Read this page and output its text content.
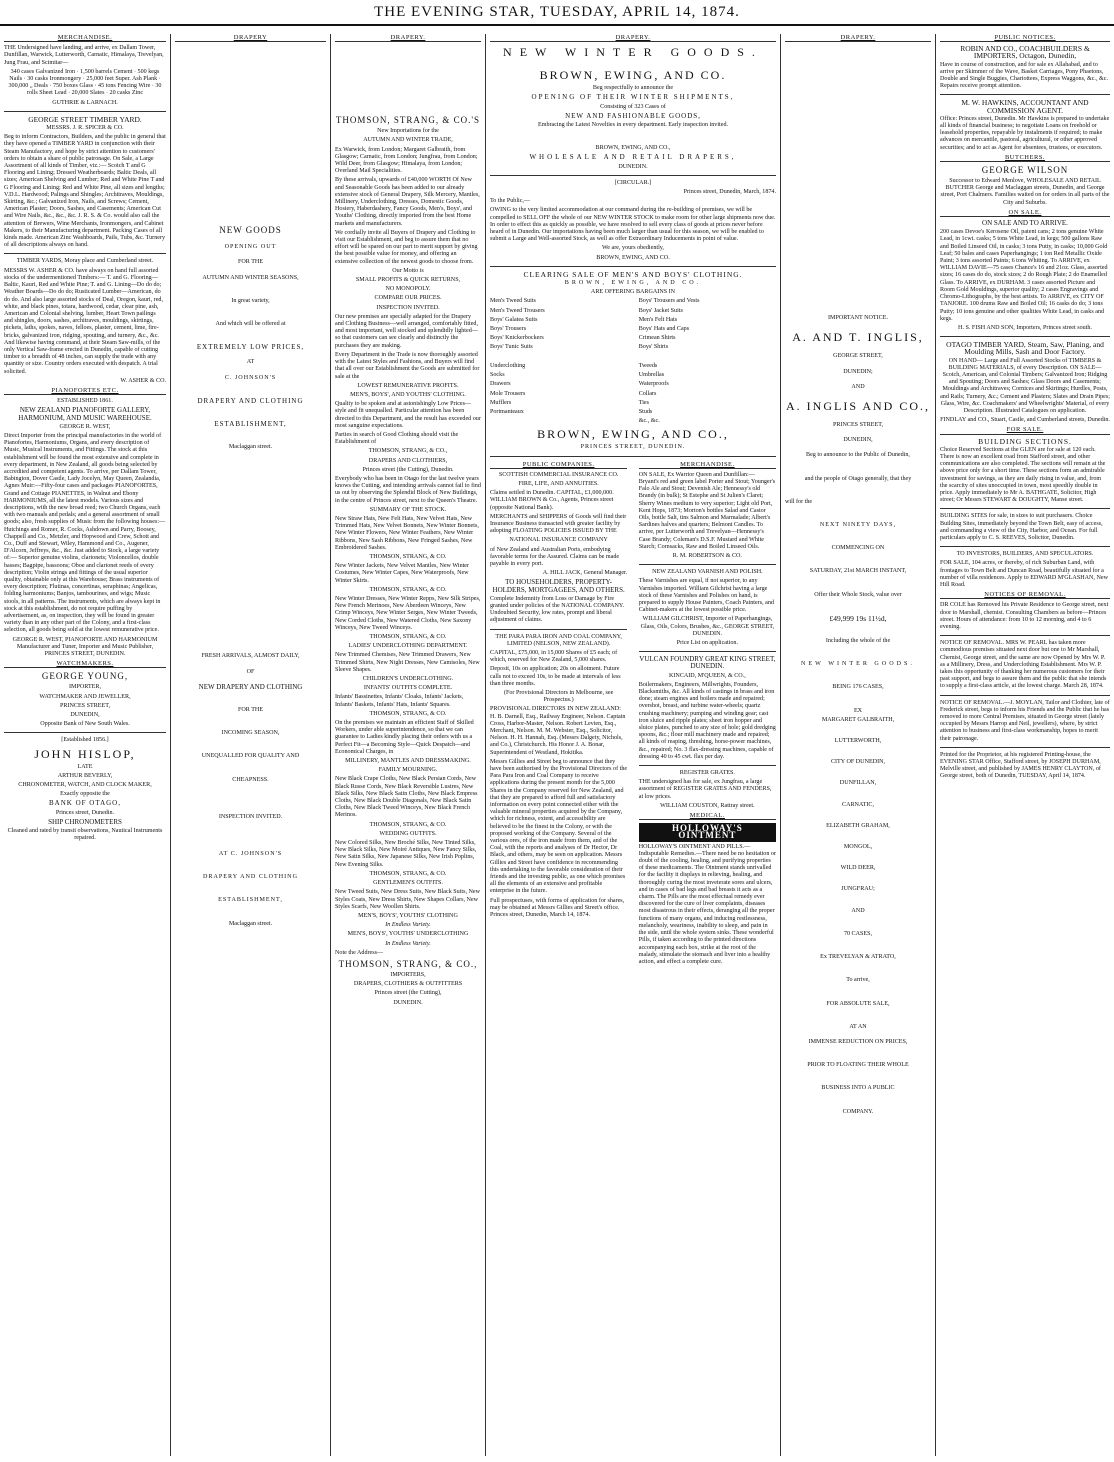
THE EVENING STAR, TUESDAY, APRIL 14, 1874.
MERCHANDISE.

THE Undersigned have landing, and arrive, ex Dallam Tower, Dunfillan, Warwick, Lutterworth, Carnatic, Himalaya, Trevelyan, Jung Frau, and Scimitar—

340 cases Galvanized Iron · 1,500 barrels Cement · 500 kegs Nails · 30 casks Ironmongery · 25,000 feet Super. Ash Plank · 300,000 „ Deals · 750 boxes Glass · 45 tons Fencing Wire · 30 rolls Sheet Lead · 20,000 Slates · 20 casks Zinc

GUTHRIE & LARNACH.

GEORGE STREET TIMBER YARD.

MESSRS. J. R. SPICER & CO.

Beg to inform Contractors, Builders, and the public in general that they have opened a TIMBER YARD in conjunction with their Steam Manufactory, and hope by strict attention to customers' orders to obtain a share of public patronage. On Sale, a Large Assortment of all kinds of Timber, viz.:— Scotch T and G Flooring and Lining; Dressed Weatherboards; Baltic Deals, all sizes; American Shelving and Lumber; Red and White Pine T and G Flooring and Lining; Red and White Pine, all sizes and lengths; V.D.L. Hardwood; Palings and Shingles; Architraves, Mouldings, Skirting, &c.; Galvanized Iron, Nails, and Screws; Cement, American Plaster; Doors, Sashes, and Casements; American Cut and Wire Nails, &c., &c., &c. J. R. S. & Co. would also call the attention of Brewers, Wine Merchants, Ironmongers, and Cabinet Makers, to their Manufacturing department. Packing Cases of all kinds made. American Zinc Washboards, Pails, Tubs, &c. Turnery of all descriptions always on hand.

TIMBER YARDS, Moray place and Cumberland street.

MESSRS W. ASHER & CO. have always on hand full assorted stocks of the undermentioned Timbers:— T. and G. Flooring—Baltic, Kauri, Red and White Pine; T. and G. Lining—Do do do; Weather Boards—Do do do; Rusticated Lumber—American, do do do. And also large assorted stocks of Deal, Oregon, kauri, red, white, and black pines, totara, hardwood, cedar, clear pine, ash, American and Colonial shelving, lumber, Heart Town pailings and shingles, doors, sashes, architraves, mouldings, skirtings, pickets, laths, spokes, naves, felloes, plaster, cement, lime, fire-bricks, galvanized iron, ridging, spouting, and turnery, &c., &c. And likewise having command, at their Steam Saw-mills, of the only Vertical Saw-frame erected in Dunedin, capable of cutting timber to a breadth of 48 inches, can supply the trade with any quantity or size. Country orders executed with despatch. A trial solicited.

W. ASHER & CO.

PIANOFORTES ETC.

ESTABLISHED 1861.

NEW ZEALAND PIANOFORTE GALLERY, HARMONIUM, AND MUSIC WAREHOUSE.

GEORGE R. WEST,

Direct Importer from the principal manufactories in the world of Pianofortes, Harmoniums, Organs, and every description of Music, Musical Instruments, and Fittings. The stock at this establishment will be found the most extensive and complete in every department, in New Zealand, all goods being selected by accredited and competent agents. To arrive, per Dallam Tower, Babington, Dover Castle, Lady Jocelyn, May Queen, Zealandia, Agnes Muir:—Fifty-four cases and packages PIANOFORTES, Grand and Cottage PIANETTES, in Walnut and Ebony HARMONIUMS, all the latest models. Various sizes and descriptions, with the new broad reed; two Church Organs, each with two manuals and pedals; and a general assortment of small goods; also, fresh supplies of Music from the following houses:—Hutchings and Romer, R. Cocks, Ashdown and Parry, Boosey, Chappell and Co., Metzler, and Hopwood and Crew, Schott and Co., Duff and Stewart, Wiley, Hammond and Co., Augener, D'Alcorn, Jeffreys, &c., &c. Just added to Stock, a large variety of:— Superior genuine violins, clarionets; Violoncellos, double basses; Bagpipe, bassoons; Oboe and clarionet reeds of every description; Violin strings and fittings of the usual superior quality, obtainable only at this Warehouse; Brass instruments of every description; Flutinas, concertinas, seraphinas; Angelicas, folding harmoniums; Banjos, tambourines, and wigs; Music stools, in all patterns. The instruments, which are always kept in stock at this establishment, do not require puffing by advertisement, as, on inspection, they will be found in greater variety than in any other part of the Colony, and a first-class selection, all goods being sold at the lowest remunerative price.

GEORGE R. WEST, PIANOFORTE AND HARMONIUM Manufacturer and Tuner, Importer and Music Publisher, PRINCES STREET, DUNEDIN.

WATCHMAKERS.

GEORGE YOUNG,

IMPORTER,

WATCHMAKER AND JEWELLER,

PRINCES STREET,

DUNEDIN,

Opposite Bank of New South Wales.

[Established 1856.]

JOHN HISLOP,

LATE

ARTHUR BEVERLY,

CHRONOMETER, WATCH, AND CLOCK MAKER,

Exactly opposite the

BANK OF OTAGO,

Princes street, Dunedin.

SHIP CHRONOMETERS

Cleaned and rated by transit observations, Nautical Instruments repaired.

DRAPERY

NEW GOODS

OPENING OUT

FOR THE

AUTUMN AND WINTER SEASONS,

In great variety,

And which will be offered at

EXTREMELY LOW PRICES,

AT

C. JOHNSON'S

DRAPERY AND CLOTHING

ESTABLISHMENT,

Maclaggan street.

FRESH ARRIVALS, ALMOST DAILY,

OF

NEW DRAPERY AND CLOTHING

FOR THE

INCOMING SEASON,

UNEQUALLED FOR QUALITY AND

CHEAPNESS.

INSPECTION INVITED.

AT C. JOHNSON'S

DRAPERY AND CLOTHING

ESTABLISHMENT,

Maclaggan street.

DRAPERY.

THOMSON, STRANG, & CO.'S

New Importations for the

AUTUMN AND WINTER TRADE,

Ex Warwick, from London; Margaret Galbraith, from Glasgow; Carnatic, from London; Jungfrau, from London; Wild Deer, from Glasgow; Himalaya, from London; Overland Mail Specialities.

By these arrivals, upwards of £40,000 WORTH Of New and Seasonable Goods has been added to our already extensive stock of General Drapery, Silk Mercery, Mantles, Millinery, Underclothing, Dresses, Domestic Goods, Hosiery, Haberdashery, Fancy Goods, Men's, Boys', and Youths' Clothing, directly imported from the best Home markets and manufacturers.

We cordially invite all Buyers of Drapery and Clothing to visit our Establishment, and beg to assure them that no effort will be spared on our part to merit support by giving the best possible value for money, and offering an extensive collection of the newest goods to choose from.

Our Motto is

SMALL PROFITS & QUICK RETURNS,

NO MONOPOLY.

COMPARE OUR PRICES.

INSPECTION INVITED.

Our new premises are specially adapted for the Drapery and Clothing Business—well arranged, comfortably fitted, and most important, well stocked and splendidly lighted—so that customers can see clearly and distinctly the purchases they are making.

Every Department in the Trade is now thoroughly assorted with the Latest Styles and Fashions, and Buyers will find that all over our Establishment the Goods are submitted for sale at the

LOWEST REMUNERATIVE PROFITS.

MEN'S, BOYS', AND YOUTHS' CLOTHING.

Quality to be spoken and at astonishingly Low Prices—style and fit unequalled. Particular attention has been directed to this Department, and the result has exceeded our most sanguine expectations.

Parties in search of Good Clothing should visit the Establishment of

THOMSON, STRANG, & CO.,

DRAPERS AND CLOTHIERS,

Princes street (the Cutting), Dunedin.

Everybody who has been in Otago for the last twelve years knows the Cutting, and intending arrivals cannot fail to find us out by observing the Splendid Block of New Buildings, in the centre of Princes street, next to the Queen's Theatre.

SUMMARY OF THE STOCK.

New Straw Hats, New Felt Hats, New Velvet Hats, New Trimmed Hats, New Velvet Bonnets, New Winter Bonnets, New Winter Flowers, New Winter Feathers, New Winter Ribbons, New Sash Ribbons, New Fringed Sashes, New Embroidered Sashes.

THOMSON, STRANG, & CO.

New Winter Jackets, New Velvet Mantles, New Winter Costumes, New Winter Capes, New Waterproofs, New Winter Skirts.

THOMSON, STRANG, & CO.

New Winter Dresses, New Winter Repps, New Silk Stripes, New French Merinoes, New Aberdeen Winceys, New Crimp Winceys, New Winter Serges, New Winter Tweeds, New Corded Cloths, New Watered Cloths, New Saxony Winceys, New Tweed Winceys.

THOMSON, STRANG, & CO.

LADIES' UNDERCLOTHING DEPARTMENT.

New Trimmed Chemises, New Trimmed Drawers, New Trimmed Shirts, New Night Dresses, New Camisoles, New Sleeve Shapes.

CHILDREN'S UNDERCLOTHING.

INFANTS' OUTFITS COMPLETE.

Infants' Bassinettes, Infants' Cloaks, Infants' Jackets, Infants' Baskets, Infants' Hats, Infants' Squares.

THOMSON, STRANG, & CO.

On the premises we maintain an efficient Staff of Skilled Workers, under able superintendence, so that we can guarantee to Ladies kindly placing their orders with us a Perfect Fit—a Becoming Style—Quick Despatch—and Economical Charges, in

MILLINERY, MANTLES AND DRESSMAKING.

FAMILY MOURNING.

New Black Crape Cloths, New Black Persian Cords, New Black Russe Cords, New Black Reversible Lustres, New Black Silks, New Black Satin Cloths, New Black Empress Cloths, New Black Double Diagonals, New Black Satin Cloths, New Black Tweed Winceys, New Black French Merinos.

THOMSON, STRANG, & CO.

WEDDING OUTFITS.

New Colored Silks, New Broché Silks, New Tinted Silks, New Black Silks, New Moiré Antiques, New Fancy Silks, New Satin Silks, New Japanese Silks, New Irish Poplins, New Evening Silks.

THOMSON, STRANG, & CO.

GENTLEMEN'S OUTFITS.

New Tweed Suits, New Dress Suits, New Black Suits, New Styles Coats, New Dress Shirts, New Shapes Collars, New Styles Scarfs, New Woollen Shirts.

MEN'S, BOYS', YOUTHS' CLOTHING

In Endless Variety.

MEN'S, BOYS', YOUTHS' UNDERCLOTHING

In Endless Variety.

Note the Address—

THOMSON, STRANG, & CO.,

IMPORTERS,

DRAPERS, CLOTHIERS & OUTFITTERS

Princes street (the Cutting),

DUNEDIN.

DRAPERY.

NEW WINTER GOODS.

BROWN, EWING, AND CO.

Beg respectfully to announce the

OPENING OF THEIR WINTER SHIPMENTS,

Consisting of 323 Cases of

NEW AND FASHIONABLE GOODS,

Embracing the Latest Novelties in every department. Early inspection invited.

BROWN, EWING, AND CO.,

WHOLESALE AND RETAIL DRAPERS,

DUNEDIN.

[CIRCULAR.]

Princes street, Dunedin, March, 1874.

To the Public,—

OWING to the very limited accommodation at our command during the re-building of premises, we will be compelled to SELL OFF the whole of our NEW WINTER STOCK to make room for other large shipments now due. In order to effect this as quickly as possible, we have resolved to sell every class of goods at prices never before heard of in Dunedin. Our importations having been much larger than usual for this season, we will be enabled to submit a Large and Well-assorted Stock, as well as offer Extraordinary Inducements in point of value.

We are, yours obediently,

BROWN, EWING, AND CO.

CLEARING SALE OF MEN'S AND BOYS' CLOTHING.

BROWN, EWING, AND CO.

ARE OFFERING BARGAINS IN

Men's Tweed Suits

Men's Tweed Trousers

Boys' Galatea Suits

Boys' Trousers

Boys' Knickerbockers

Boys' Tunic Suits

Underclothing

Socks

Drawers

Mole Trousers

Mufflers

Portmanteaux

Boys' Trousers and Vests

Boys' Jacket Suits

Men's Felt Hats

Boys' Hats and Caps

Crimean Shirts

Boys' Shirts

Tweeds

Umbrellas

Waterproofs

Collars

Ties

Studs

&c., &c.

BROWN, EWING, AND CO.,

PRINCES STREET, DUNEDIN.

PUBLIC COMPANIES.

SCOTTISH COMMERCIAL INSURANCE CO.

FIRE, LIFE, AND ANNUITIES.

Claims settled in Dunedin. CAPITAL, £1,000,000. WILLIAM BROWN & Co., Agents, Princes street (opposite National Bank).

MERCHANTS and SHIPPERS of Goods will find their Insurance Business transacted with greater facility by adopting FLOATING POLICIES ISSUED BY THE

NATIONAL INSURANCE COMPANY

of New Zealand and Australian Ports, embodying favorable terms for the Assured. Claims can be made payable in every port.

A. HILL JACK, General Manager.

TO HOUSEHOLDERS, PROPERTY-HOLDERS, MORTGAGEES, AND OTHERS.

Complete Indemnity from Loss or Damage by Fire granted under policies of the NATIONAL COMPANY. Undoubted Security, low rates, prompt and liberal adjustment of claims.

THE PARA PARA IRON AND COAL COMPANY, LIMITED (NELSON, NEW ZEALAND).

CAPITAL, £75,000, in 15,000 Shares of £5 each; of which, reserved for New Zealand, 5,000 shares.

Deposit, 10s on application; 20s on allotment. Future calls not to exceed 10s, to be made at intervals of less than three months.

(For Provisional Directors in Melbourne, see Prospectus.)

PROVISIONAL DIRECTORS IN NEW ZEALAND: H. B. Darnell, Esq., Railway Engineer, Nelson. Captain Cross, Harbor-Master, Nelson. Robert Levien, Esq., Merchant, Nelson. M. M. Webster, Esq., Solicitor, Nelson. H. H. Hannah, Esq. (Messrs Dalgety, Nichols, and Co.), Christchurch. His Honor J. A. Bonar, Superintendent of Westland, Hokitika.

Messrs Gillies and Street beg to announce that they have been authorised by the Provisional Directors of the Para Para Iron and Coal Company to receive applications during the present month for the 5,000 Shares in the Company reserved for New Zealand, and that they are prepared to afford full and satisfactory information on every point connected either with the valuable mineral properties acquired by the Company, which for richness, extent, and accessibility are believed to be the finest in the Colony, or with the proposed working of the Company. Several of the various ores, of the iron made from them, and of the Coal, with the reports and analyses of Dr Hector, Dr Black, and others, may be seen on application. Messrs Gillies and Street have confidence in recommending this undertaking to the favorable consideration of their friends and the investing public, as one which promises all the elements of an extensive and profitable enterprise in the future.

Full prospectuses, with forms of application for shares, may be obtained at Messrs Gillies and Street's office. Princes street, Dunedin, March 14, 1874.

MERCHANDISE.

ON SALE, Ex Warrior Queen and Dunfillan:— Bryant's red and green label Porter and Stout; Younger's Falo Ale and Stout; Devenish Ale; Hennessy's old Brandy (in bulk); St Estephe and St Julien's Claret; Sherry Wines medium to very superior; Light old Port, Kent Hops, 1873; Morton's bottles Salad and Castor Oils, bottle Salt, tins Salmon and Marmalade; Albert's Sardines halves and quarters; Belmont Candles. To arrive, per Lutterworth and Trevelyan—Hennessy's Case Brandy; Coleman's D.S.F. Mustard and White Starch; Cornsacks, Raw and Boiled Linseed Oils.

R. M. ROBERTSON & CO.

NEW ZEALAND VARNISH AND POLISH.

These Varnishes are equal, if not superior, to any Varnishes imported. William Gilchrist having a large stock of these Varnishes and Polishes on hand, is prepared to supply House Painters, Coach Painters, and Cabinet-makers at the lowest possible price.

WILLIAM GILCHRIST, Importer of Paperhangings, Glass, Oils, Colors, Brushes, &c., GEORGE STREET, DUNEDIN.

Price List on application.

VULCAN FOUNDRY GREAT KING STREET, DUNEDIN.

KINCAID, M'QUEEN, & CO.,

Boilermakers, Engineers, Millwrights, Founders, Blacksmiths, &c. All kinds of castings in brass and iron done; steam engines and boilers made and repaired; overshot, breast, and turbine water-wheels; quartz crushing machinery; pumping and winding gear; cast iron sluice and ripple plates; sheet iron hopper and sluice plates, punched to any size of hole; gold dredging spoons, &c.; flour mill machinery made and repaired; all kinds of reaping, threshing, horse-power machines, &c., repaired; No. 3 flax-dressing machines, capable of dressing 40 to 45 cwt. flax per day.

REGISTER GRATES.

THE undersigned has for sale, ex Jungfrau, a large assortment of REGISTER GRATES AND FENDERS, at low prices.

WILLIAM COUSTON, Rattray street.

MEDICAL.

HOLLOWAY'S OINTMENT

HOLLOWAY'S OINTMENT AND PILLS.—Indisputable Remedies.—There need be no hesitation or doubt of the cooling, healing, and purifying properties of these medicaments. The Ointment stands unrivalled for the facility it displays in relieving, healing, and thoroughly curing the most inveterate sores and ulcers, and in cases of bad legs and bad breasts it acts as a charm. The Pills are the most effectual remedy ever discovered for the cure of liver complaints, diseases most disastrous in their effects, deranging all the proper functions of many organs, and inducing restlessness, melancholy, weariness, inability to sleep, and pain in the side, until the whole system sinks. These wonderful Pills, if taken according to the printed directions accompanying each box, strike at the root of the malady, stimulate the stomach and liver into a healthy action, and effect a complete cure.

DRAPERY.

IMPORTANT NOTICE.

A. AND T. INGLIS,

GEORGE STREET,

DUNEDIN;

AND

A. INGLIS AND CO.,

PRINCES STREET,

DUNEDIN,

Beg to announce to the Public of Dunedin,

and the people of Otago generally, that they

will for the

NEXT NINETY DAYS,

COMMENCING ON

SATURDAY, 21st MARCH INSTANT,

Offer their Whole Stock, value over

£49,999 19s 11½d,

Including the whole of the

NEW WINTER GOODS.

BEING 176 CASES,

EX

MARGARET GALBRAITH,

LUTTERWORTH,

CITY OF DUNEDIN,

DUNFILLAN,

CARNATIC,

ELIZABETH GRAHAM,

MONGOL,

WILD DEER,

JUNGFRAU;

AND

70 CASES,

Ex TREVELYAN & ATRATO,

To arrive,

FOR ABSOLUTE SALE,

AT AN

IMMENSE REDUCTION ON PRICES,

PRIOR TO FLOATING THEIR WHOLE

BUSINESS INTO A PUBLIC

COMPANY.

PUBLIC NOTICES.

ROBIN AND CO., COACHBUILDERS & IMPORTERS, Octagon, Dunedin,

Have in course of construction, and for sale ex Allahabad, and to arrive per Skimmer of the Wave, Basket Carriages, Pony Phaetons, Double and Single Buggies, Chariottees, Express Waggons, &c., &c. Repairs receive prompt attention.

M. W. HAWKINS, ACCOUNTANT AND COMMISSION AGENT.

Office: Princes street, Dunedin. Mr Hawkins is prepared to undertake all kinds of financial business; to negotiate Loans on freehold or leasehold properties, repayable by instalments if required; to make advances on mercantile, pastoral, agricultural, or other approved securities; and to act as Agent for absentees, trustees, or executors.

BUTCHERS.

GEORGE WILSON

Successor to Edward Menlove, WHOLESALE AND RETAIL BUTCHER George and Maclaggan streets, Dunedin, and George street, Port Chalmers. Families waited on for orders in all parts of the City and Suburbs.

ON SALE.

ON SALE AND TO ARRIVE.

200 cases Devoe's Kerosene Oil, patent cans; 2 tons genuine White Lead, in 1cwt. casks; 5 tons White Lead, in kegs; 500 gallons Raw and Boiled Linseed Oil, in casks; 3 tons Putty, in casks; 10,000 Gold Leaf; 50 bales and cases Paperhangings; 1 ton Red Metallic Oxide Paint; 3 tons assorted Paints; 6 tons Whiting. To ARRIVE, ex WILLIAM DAVIE—75 cases Chance's 16 and 21oz. Glass, assorted sizes; 16 cases do do, stock sizes; 2 do Rough Plate; 2 do Enamelled Glass. To ARRIVE, ex DURHAM. 3 cases assorted Picture and Room Gold Mouldings, superior quality; 2 cases Engravings and Chromo-Lithographs, by the best artists. To ARRIVE, ex CITY OF TANJORE. 100 drums Raw and Boiled Oil; 16 casks do do; 3 tons Putty; 10 tons genuine and other qualities White Lead, in casks and kegs.

H. S. FISH AND SON, Importers, Princes street south.

OTAGO TIMBER YARD, Steam, Saw, Planing, and Moulding Mills, Sash and Door Factory.

ON HAND— Large and Full Assorted Stocks of TIMBERS & BUILDING MATERIALS, of every Description. ON SALE— Scotch, American, and Colonial Timbers; Galvanized Iron; Ridging and Spouting; Doors and Sashes; Glass Doors and Casements; Mouldings and Architraves; Cornices and Skirtings; Hurdles, Posts, and Rails; Turnery, &c.; Cement and Plasters; Slates and Drain Pipes; Glass, Wire, &c. Coachmakers' and Wheelwrights' Material, of every Description. Illustrated Catalogues on application.

FINDLAY and CO., Stuart, Castle, and Cumberland streets, Dunedin.

FOR SALE.

BUILDING SECTIONS.

Choice Reserved Sections at the GLEN are for sale at 120 each. There is now an excellent road from Stafford street, and other communications are also completed. The sections will remain at the above price only for a short time. These sections form an admirable investment for savings, as they are daily rising in value, and, from the scarcity of sites unoccupied in town, most speedily double in price. Apply immediately to Mr A. BATHGATE, Solicitor, High street; Or Messrs STEWART & DOUGHTY, Manse street.

BUILDING SITES for sale, in sizes to suit purchasers. Choice Building Sites, immediately beyond the Town Belt, easy of access, and commanding a view of the City, Harbor, and Ocean. For full particulars apply to C. S. REEVES, Solicitor, Dunedin.

TO INVESTORS, BUILDERS, AND SPECULATORS.

FOR SALE, 104 acres, or thereby, of rich Suburban Land, with frontages to Town Belt and Duncan Road, beautifully situated for a number of villa residences. Apply to EDWARD M'GLASHAN, New Hill Road.

NOTICES OF REMOVAL.

DR COLE has Removed his Private Residence to George street, next door to Marshall, chemist. Consulting Chambers as before—Princes street. Hours of attendance: from 10 to 12 morning, and 4 to 6 evening.

NOTICE OF REMOVAL. MRS W. PEARL has taken more commodious premises situated next door but one to Mr Marshall, Chemist, George street, and the same are now Opened by Mrs W. P. as a Millinery, Dress, and Underclothing Establishment. Mrs W. P. takes this opportunity of thanking her numerous customers for their past support, and begs to assure them and the public that she intends to supply a first-class article, at the lowest charge. March 28, 1874.

NOTICE OF REMOVAL.—J. MOYLAN, Tailor and Clothier, late of Frederick street, begs to inform his Friends and the Public that he has removed to more Central Premises, situated in George street (lately occupied by Messrs Harrop and Neil, jewellers), where, by strict attention to business and first-class workmanship, hopes to merit their patronage.

Printed for the Proprietor, at his registered Printing-house, the EVENING STAR Office, Stafford street, by JOSEPH DURHAM, Melville street, and published by JAMES HENRY CLAYTON, of George street, both of Dunedin, TUESDAY, April 14, 1874.
